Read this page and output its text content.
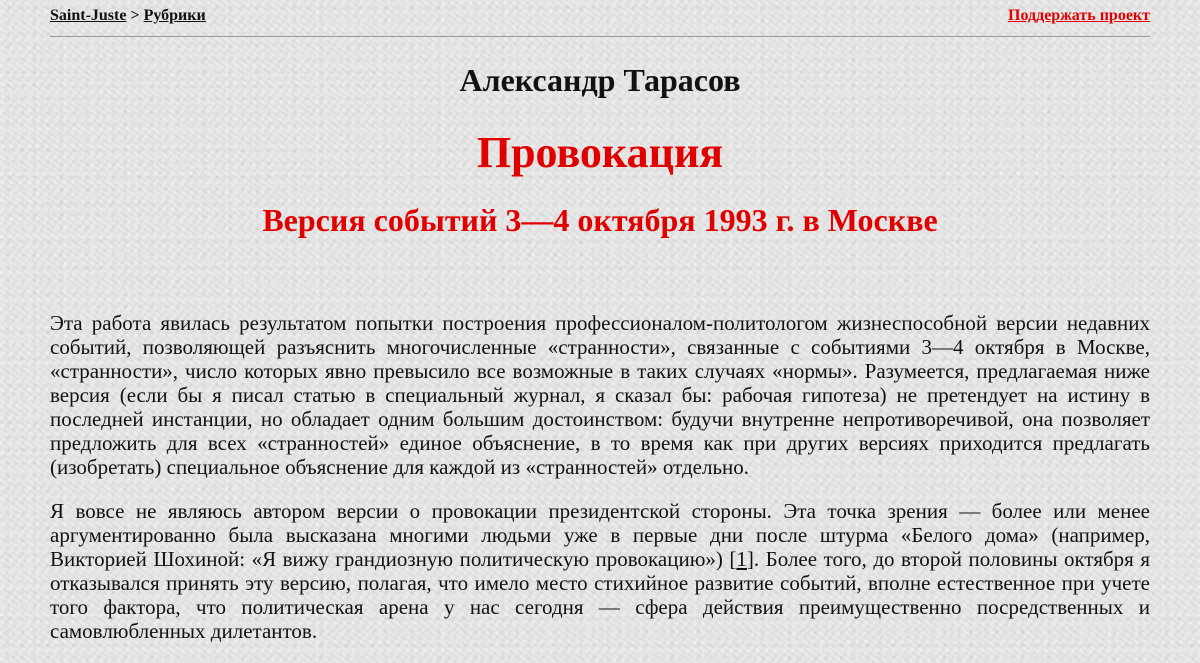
Saint-Juste > Рубрики	Поддержать проект
Александр Тарасов
Провокация
Версия событий 3—4 октября 1993 г. в Москве

Эта работа явилась результатом попытки построения профессионалом-политологом жизнеспособной версии недавних событий, позволяющей разъяснить многочисленные «странности», связанные с событиями 3—4 октября в Москве, «странности», число которых явно превысило все возможные в таких случаях «нормы». Разумеется, предлагаемая ниже версия (если бы я писал статью в специальный журнал, я сказал бы: рабочая гипотеза) не претендует на истину в последней инстанции, но обладает одним большим достоинством: будучи внутренне непротиворечивой, она позволяет предложить для всех «странностей» единое объяснение, в то время как при других версиях приходится предлагать (изобретать) специальное объяснение для каждой из «странностей» отдельно.

Я вовсе не являюсь автором версии о провокации президентской стороны. Эта точка зрения — более или менее аргументированно была высказана многими людьми уже в первые дни после штурма «Белого дома» (например, Викторией Шохиной: «Я вижу грандиозную политическую провокацию») [1]. Более того, до второй половины октября я отказывался принять эту версию, полагая, что имело место стихийное развитие событий, вполне естественное при учете того фактора, что политическая арена у нас сегодня — сфера действия преимущественно посредственных и самовлюбленных дилетантов.
